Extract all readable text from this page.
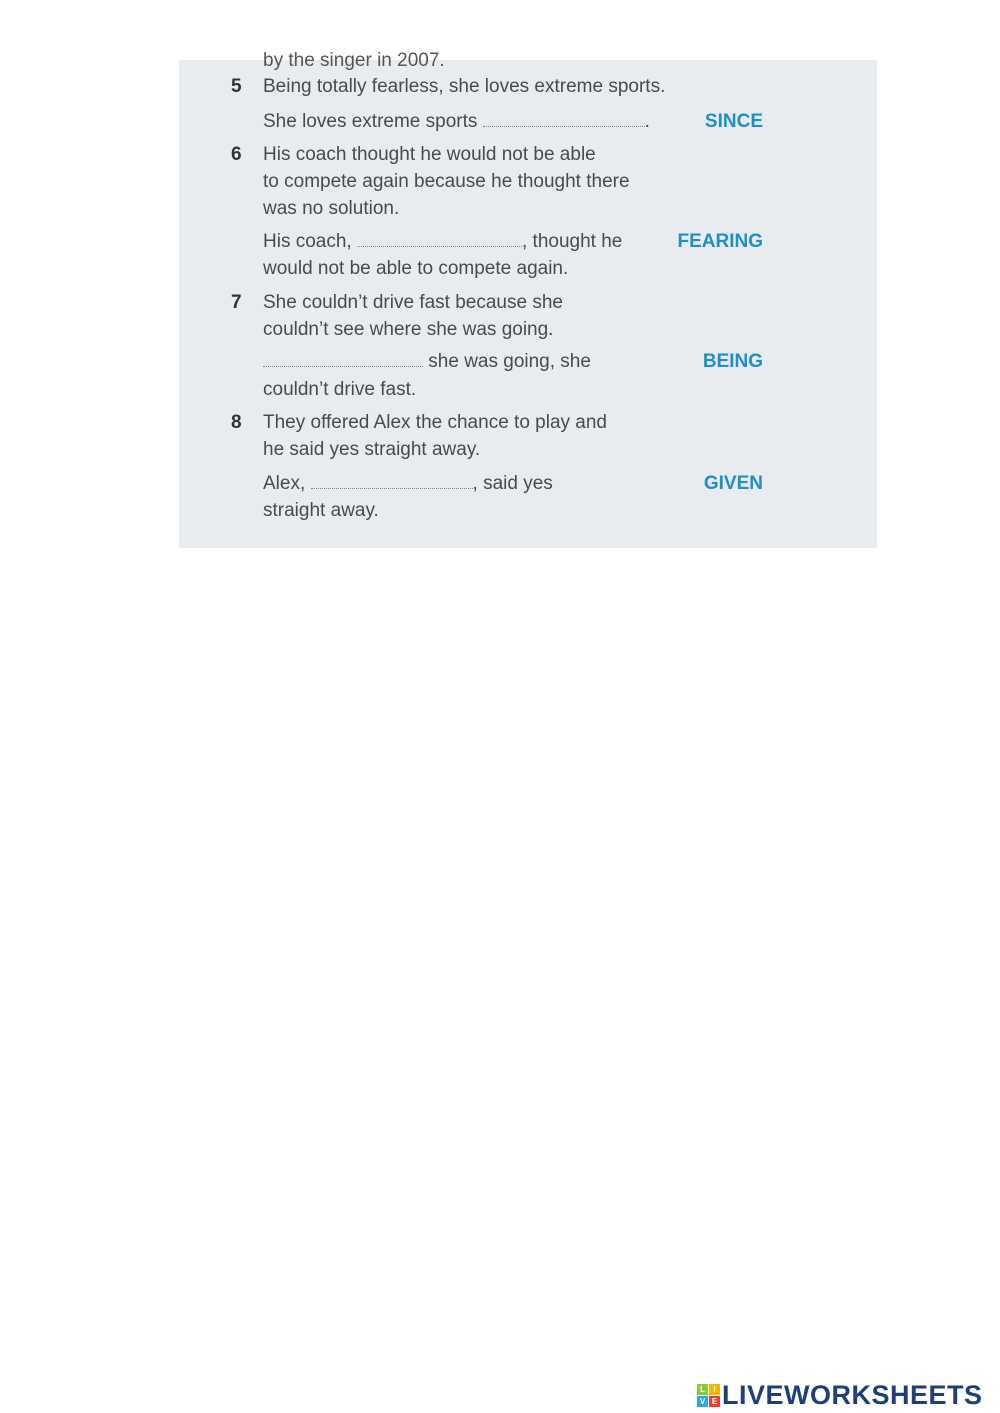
5 Being totally fearless, she loves extreme sports.
She loves extreme sports	.	SINCE
6 His coach thought he would not be able
to compete again because he thought there
was no solution.
His coach,	, thought he
would not be able to compete again.
FEARING
7 She couldn’t drive fast because she
couldn’t see where she was going.
she was going, she
couldn’t drive fast.
BEING
8 They offered Alex the chance to play and
he said yes straight away.
Alex,	, said yes
straight away.
GIVEN
L	I
V E LIVEWORKSHEETS
